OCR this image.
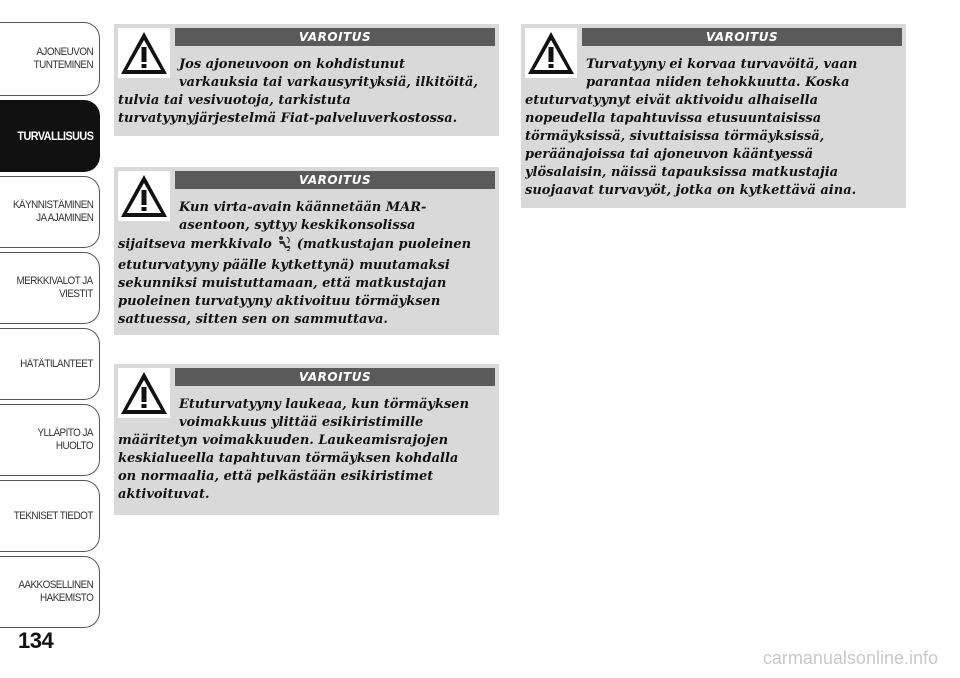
AJONEUVON
TUNTEMINEN
TURVALLISUUS
KÄYNNISTÄMINEN
JA AJAMINEN
MERKKIVALOT JA
VIESTIT
HÄTÄTILANTEET
YLLÄPITO JA HUOLTO
TEKNISET TIEDOT
AAKKOSELLINEN
HAKEMISTO
134
VAROITUS
Jos ajoneuvoon on kohdistunut
varkauksia tai varkausyrityksiä, ilkitöitä,
tulvia tai vesivuotoja, tarkistuta
turvatyynyjärjestelmä Fiat-palveluverkostossa.
VAROITUS
Kun virta-avain käännetään MAR-
asentoon, syttyy keskikonsolissa
sijaitseva merkkivalo 2 (matkustajan puoleinen
etuturvatyyny päälle kytkettynä) muutamaksi
sekunniksi muistuttamaan, että matkustajan
puoleinen turvatyyny aktivoituu törmäyksen
sattuessa, sitten sen on sammuttava.
VAROITUS
Etuturvatyyny laukeaa, kun törmäyksen
voimakkuus ylittää esikiristimille
määritetyn voimakkuuden. Laukeamisrajojen
keskialueella tapahtuvan törmäyksen kohdalla
on normaalia, että pelkästään esikiristimet
aktivoituvat.
VAROITUS
Turvatyyny ei korvaa turvavöitä, vaan
parantaa niiden tehokkuutta. Koska
etuturvatyynyt eivät aktivoidu alhaisella
nopeudella tapahtuvissa etusuuntaisissa
törmäyksissä, sivuttaisissa törmäyksissä,
peräänajoissa tai ajoneuvon kääntyessä
ylösalaisin, näissä tapauksissa matkustajia
suojaavat turvavyöt, jotka on kytkettävä aina.
carmanualsonline.info
